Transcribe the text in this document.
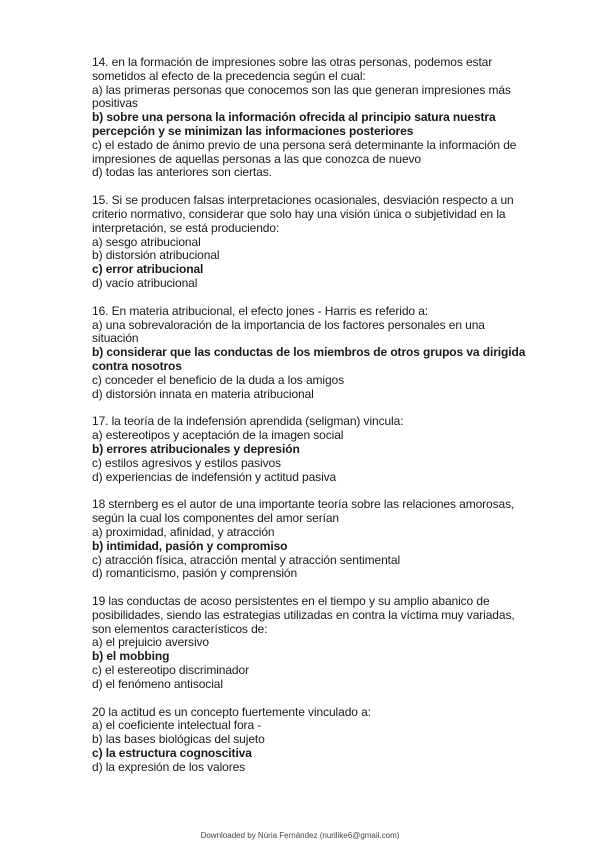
14. en la formación de impresiones sobre las otras personas, podemos estar
sometidos al efecto de la precedencia según el cual:
a) las primeras personas que conocemos son las que generan impresiones más
positivas
b) sobre una persona la información ofrecida al principio satura nuestra
percepción y se minimizan las informaciones posteriores
c) el estado de ánimo previo de una persona será determinante la información de
impresiones de aquellas personas a las que conozca de nuevo
d) todas las anteriores son ciertas.
15. Si se producen falsas interpretaciones ocasionales, desviación respecto a un
criterio normativo, considerar que solo hay una visión única o subjetividad en la
interpretación, se está produciendo:
a) sesgo atribucional
b) distorsión atribucional
c) error atribucional
d) vacío atribucional
16. En materia atribucional, el efecto jones - Harris es referido a:
a) una sobrevaloración de la importancia de los factores personales en una
situación
b) considerar que las conductas de los miembros de otros grupos va dirigida
contra nosotros
c) conceder el beneficio de la duda a los amigos
d) distorsión innata en materia atribucional
17. la teoría de la indefensión aprendida (seligman) vincula:
a) estereotipos y aceptación de la imagen social
b) errores atribucionales y depresión
c) estilos agresivos y estilos pasivos
d) experiencias de indefensión y actitud pasiva
18 sternberg es el autor de una importante teoría sobre las relaciones amorosas,
según la cual los componentes del amor serían
a) proximidad, afinidad, y atracción
b) intimidad, pasión y compromiso
c) atracción física, atracción mental y atracción sentimental
d) romanticismo, pasión y comprensión
19 las conductas de acoso persistentes en el tiempo y su amplio abanico de
posibilidades, siendo las estrategias utilizadas en contra la víctima muy variadas,
son elementos característicos de:
a) el prejuicio aversivo
b) el mobbing
c) el estereotipo discriminador
d) el fenómeno antisocial
20 la actitud es un concepto fuertemente vinculado a:
a) el coeficiente intelectual fora -
b) las bases biológicas del sujeto
c) la estructura cognoscitiva
d) la expresión de los valores
Downloaded by Núria Fernández (nurilike6@gmail.com)
